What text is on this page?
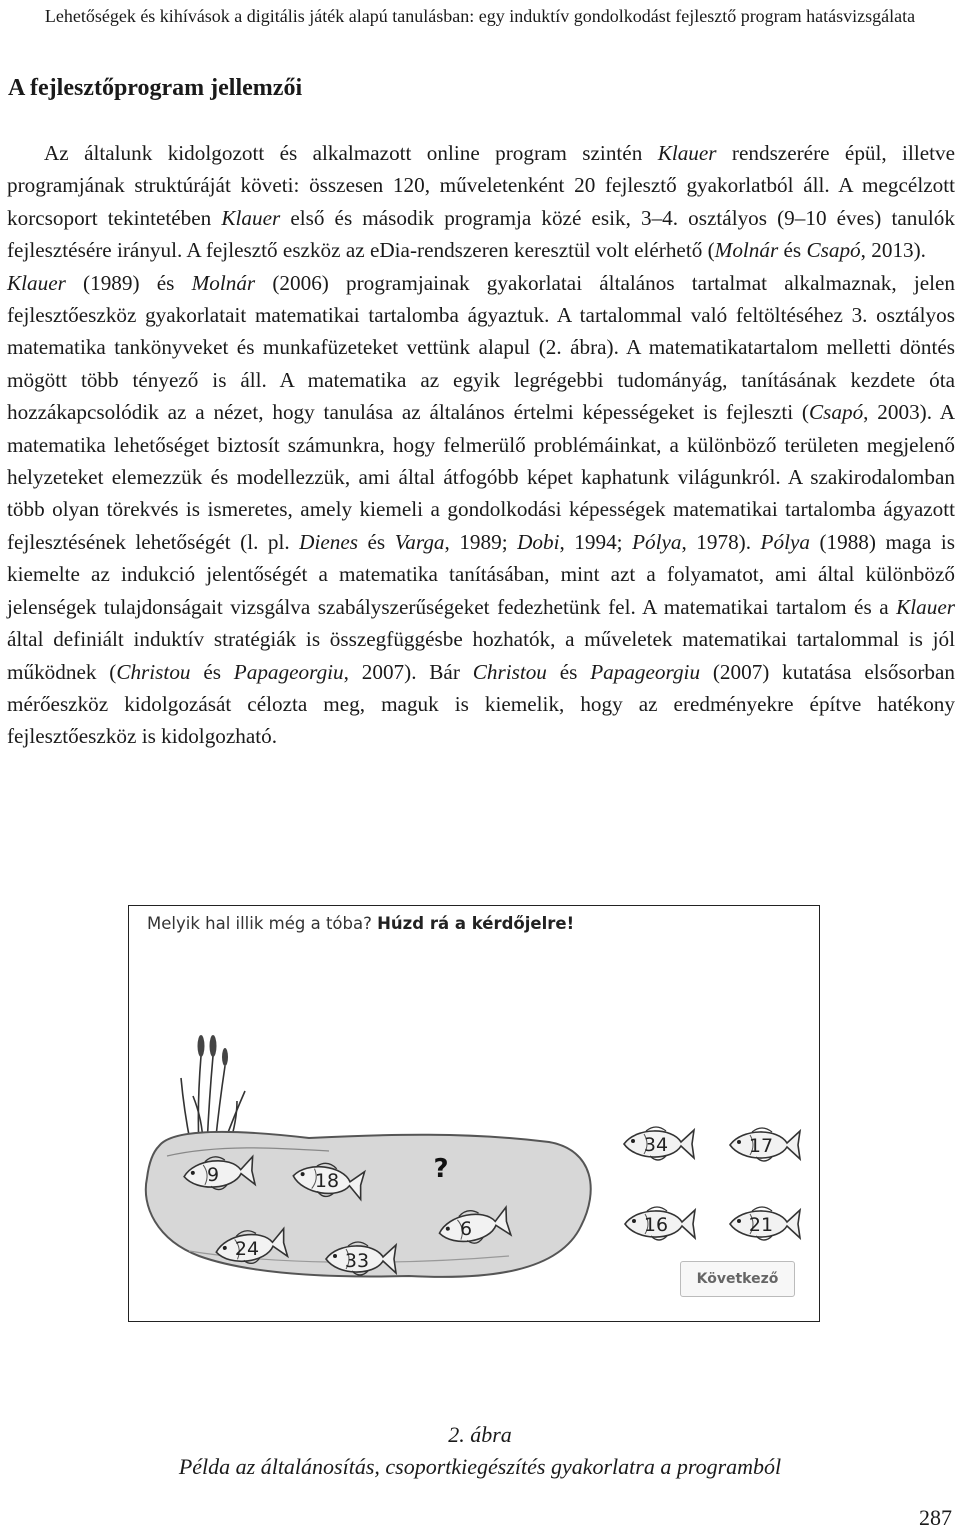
Lehetőségek és kihívások a digitális játék alapú tanulásban: egy induktív gondolkodást fejlesztő program hatásvizsgálata
A fejlesztőprogram jellemzői

Az általunk kidolgozott és alkalmazott online program szintén Klauer rendszerére épül, illetve programjának struktúráját követi: összesen 120, műveletenként 20 fejlesztő gyakorlatból áll. A megcélzott korcsoport tekintetében Klauer első és második programja közé esik, 3–4. osztályos (9–10 éves) tanulók fejlesztésére irányul. A fejlesztő eszköz az eDia-rendszeren keresztül volt elérhető (Molnár és Csapó, 2013).

Klauer (1989) és Molnár (2006) programjainak gyakorlatai általános tartalmat alkalmaznak, jelen fejlesztőeszköz gyakorlatait matematikai tartalomba ágyaztuk. A tartalommal való feltöltéséhez 3. osztályos matematika tankönyveket és munkafüzeteket vettünk alapul (2. ábra). A matematikatartalom melletti döntés mögött több tényező is áll. A matematika az egyik legrégebbi tudományág, tanításának kezdete óta hozzákapcsolódik az a nézet, hogy tanulása az általános értelmi képességeket is fejleszti (Csapó, 2003). A matematika lehetőséget biztosít számunkra, hogy felmerülő problémáinkat, a különböző területen megjelenő helyzeteket elemezzük és modellezzük, ami által átfogóbb képet kaphatunk világunkról. A szakirodalomban több olyan törekvés is ismeretes, amely kiemeli a gondolkodási képességek matematikai tartalomba ágyazott fejlesztésének lehetőségét (l. pl. Dienes és Varga, 1989; Dobi, 1994; Pólya, 1978). Pólya (1988) maga is kiemelte az indukció jelentőségét a matematika tanításában, mint azt a folyamatot, ami által különböző jelenségek tulajdonságait vizsgálva szabályszerűségeket fedezhetünk fel. A matematikai tartalom és a Klauer által definiált induktív stratégiák is összegfüggésbe hozhatók, a műveletek matematikai tartalommal is jól működnek (Christou és Papageorgiu, 2007). Bár Christou és Papageorgiu (2007) kutatása elsősorban mérőeszköz kidolgozását célozta meg, maguk is kiemelik, hogy az eredményekre építve hatékony fejlesztőeszköz is kidolgozható.

9	18
24
33
6
?
34	17
16	21
Melyik hal illik még a tóba? Húzd rá a kérdőjelre!
Következő
2. ábra
Példa az általánosítás, csoportkiegészítés gyakorlatra a programból
287
